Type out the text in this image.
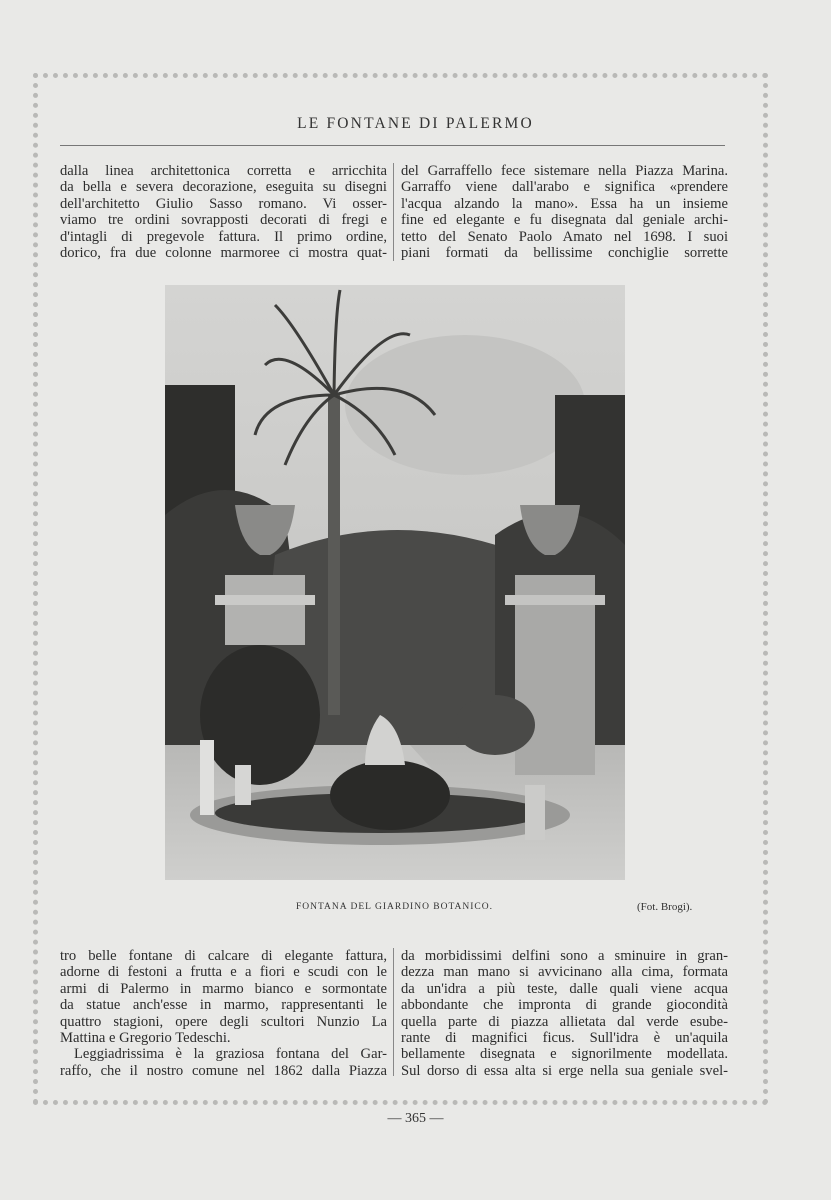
LE FONTANE DI PALERMO
dalla linea architettonica corretta e arricchita
da bella e severa decorazione, eseguita su disegni
dell'architetto Giulio Sasso romano. Vi osser-
viamo tre ordini sovrapposti decorati di fregi e
d'intagli di pregevole fattura. Il primo ordine,
dorico, fra due colonne marmoree ci mostra quat-
del Garraffello fece sistemare nella Piazza Marina.
Garraffo viene dall'arabo e significa «prendere
l'acqua alzando la mano». Essa ha un insieme
fine ed elegante e fu disegnata dal geniale archi-
tetto del Senato Paolo Amato nel 1698. I suoi
piani formati da bellissime conchiglie sorrette
FONTANA DEL GIARDINO BOTANICO.	(Fot. Brogi).
tro belle fontane di calcare di elegante fattura,
adorne di festoni a frutta e a fiori e scudi con le
armi di Palermo in marmo bianco e sormontate
da statue anch'esse in marmo, rappresentanti le
quattro stagioni, opere degli scultori Nunzio La
Mattina e Gregorio Tedeschi.
Leggiadrissima è la graziosa fontana del Gar-
raffo, che il nostro comune nel 1862 dalla Piazza
da morbidissimi delfini sono a sminuire in gran-
dezza man mano si avvicinano alla cima, formata
da un'idra a più teste, dalle quali viene acqua
abbondante che impronta di grande giocondità
quella parte di piazza allietata dal verde esube-
rante di magnifici ficus. Sull'idra è un'aquila
bellamente disegnata e signorilmente modellata.
Sul dorso di essa alta si erge nella sua geniale svel-
— 365 —
